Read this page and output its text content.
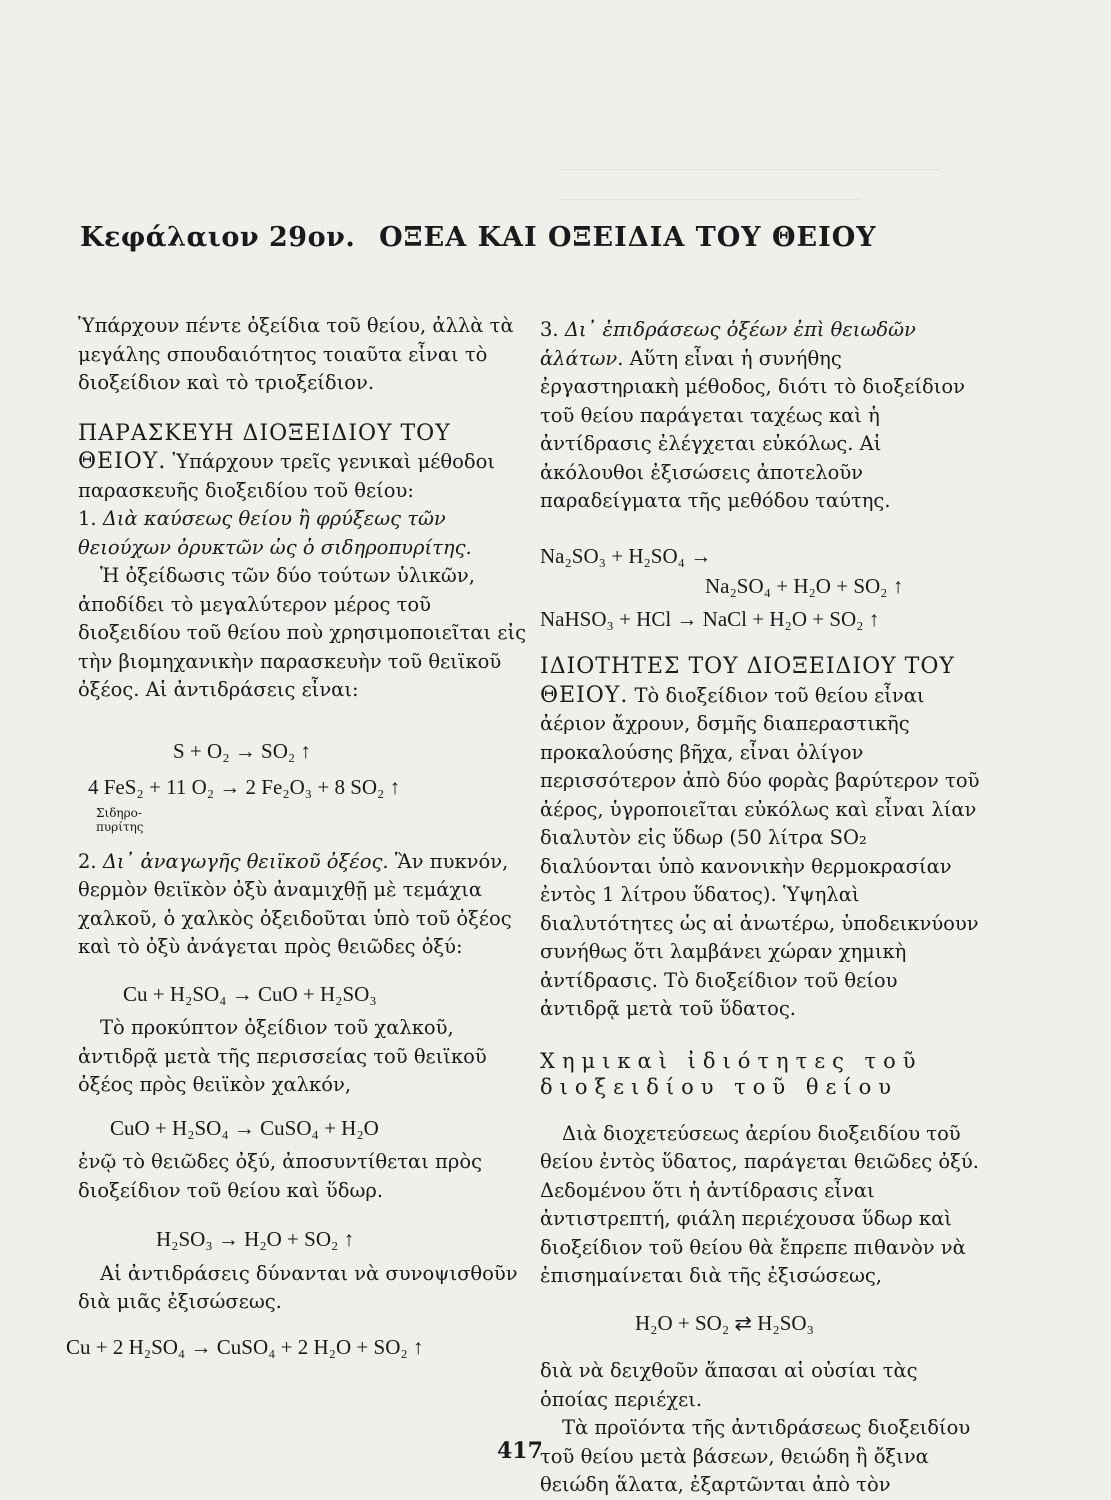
Κεφάλαιον 29ον. ΟΞΕΑ ΚΑΙ ΟΞΕΙΔΙΑ ΤΟΥ ΘΕΙΟΥ

Ὑπάρχουν πέντε ὀξείδια τοῦ θείου, ἀλλὰ τὰ μεγάλης σπουδαιότητος τοιαῦτα εἶναι τὸ διοξείδιον καὶ τὸ τριοξείδιον.

ΠΑΡΑΣΚΕΥΗ ΔΙΟΞΕΙΔΙΟΥ ΤΟΥ ΘΕΙΟΥ. Ὑπάρχουν τρεῖς γενικαὶ μέθοδοι παρασκευῆς διοξειδίου τοῦ θείου:

1. Διὰ καύσεως θείου ἢ φρύξεως τῶν θειούχων ὀρυκτῶν ὡς ὁ σιδηροπυρίτης.

Ἡ ὀξείδωσις τῶν δύο τούτων ὑλικῶν, ἀποδίδει τὸ μεγαλύτερον μέρος τοῦ διοξειδίου τοῦ θείου ποὺ χρησιμοποιεῖται εἰς τὴν βιομηχανικὴν παρασκευὴν τοῦ θειϊκοῦ ὀξέος. Αἱ ἀντιδράσεις εἶναι:

S + O₂ → SO₂ ↑
4 FeS₂ + 11 O₂ → 2 Fe₂O₃ + 8 SO₂ ↑
Σιδηρο-
πυρίτης

2. Δι᾽ ἀναγωγῆς θειϊκοῦ ὀξέος. Ἂν πυκνόν, θερμὸν θειϊκὸν ὀξὺ ἀναμιχθῇ μὲ τεμάχια χαλκοῦ, ὁ χαλκὸς ὀξειδοῦται ὑπὸ τοῦ ὀξέος καὶ τὸ ὀξὺ ἀνάγεται πρὸς θειῶδες ὀξύ:

Cu + H₂SO₄ → CuO + H₂SO₃

Τὸ προκύπτον ὀξείδιον τοῦ χαλκοῦ, ἀντιδρᾷ μετὰ τῆς περισσείας τοῦ θειϊκοῦ ὀξέος πρὸς θειϊκὸν χαλκόν,

CuO + H₂SO₄ → CuSO₄ + H₂O

ἐνῷ τὸ θειῶδες ὀξύ, ἀποσυντίθεται πρὸς διοξείδιον τοῦ θείου καὶ ὕδωρ.

H₂SO₃ → H₂O + SO₂ ↑

Αἱ ἀντιδράσεις δύνανται νὰ συνοψισθοῦν διὰ μιᾶς ἐξισώσεως.

Cu + 2 H₂SO₄ → CuSO₄ + 2 H₂O + SO₂ ↑

3. Δι᾽ ἐπιδράσεως ὀξέων ἐπὶ θειωδῶν ἁλάτων. Αὕτη εἶναι ἡ συνήθης ἐργαστηριακὴ μέθοδος, διότι τὸ διοξείδιον τοῦ θείου παράγεται ταχέως καὶ ἡ ἀντίδρασις ἐλέγχεται εὐκόλως. Αἱ ἀκόλουθοι ἐξισώσεις ἀποτελοῦν παραδείγματα τῆς μεθόδου ταύτης.

Na₂SO₃ + H₂SO₄ →
Na₂SO₄ + H₂O + SO₂ ↑
NaHSO₃ + HCl → NaCl + H₂O + SO₂ ↑

ΙΔΙΟΤΗΤΕΣ ΤΟΥ ΔΙΟΞΕΙΔΙΟΥ ΤΟΥ ΘΕΙΟΥ. Τὸ διοξείδιον τοῦ θείου εἶναι ἀέριον ἄχρουν, δσμῆς διαπεραστικῆς προκαλούσης βῆχα, εἶναι ὀλίγον περισσότερον ἀπὸ δύο φορὰς βαρύτερον τοῦ ἀέρος, ὑγροποιεῖται εὐκόλως καὶ εἶναι λίαν διαλυτὸν εἰς ὕδωρ (50 λίτρα SO₂ διαλύονται ὑπὸ κανονικὴν θερμοκρασίαν ἐντὸς 1 λίτρου ὕδατος). Ὑψηλαὶ διαλυτότητες ὡς αἱ ἀνωτέρω, ὑποδεικνύουν συνήθως ὅτι λαμβάνει χώραν χημικὴ ἀντίδρασις. Τὸ διοξείδιον τοῦ θείου ἀντιδρᾷ μετὰ τοῦ ὕδατος.

Χημικαὶ ἰδιότητες τοῦ διοξειδίου τοῦ θείου

Διὰ διοχετεύσεως ἀερίου διοξειδίου τοῦ θείου ἐντὸς ὕδατος, παράγεται θειῶδες ὀξύ. Δεδομένου ὅτι ἡ ἀντίδρασις εἶναι ἀντιστρεπτή, φιάλη περιέχουσα ὕδωρ καὶ διοξείδιον τοῦ θείου θὰ ἔπρεπε πιθανὸν νὰ ἐπισημαίνεται διὰ τῆς ἐξισώσεως,

H₂O + SO₂ ⇄ H₂SO₃

διὰ νὰ δειχθοῦν ἅπασαι αἱ οὐσίαι τὰς ὁποίας περιέχει.

Τὰ προϊόντα τῆς ἀντιδράσεως διοξειδίου τοῦ θείου μετὰ βάσεων, θειώδη ἢ ὄξινα θειώδη ἅλατα, ἐξαρτῶνται ἀπὸ τὸν

417
